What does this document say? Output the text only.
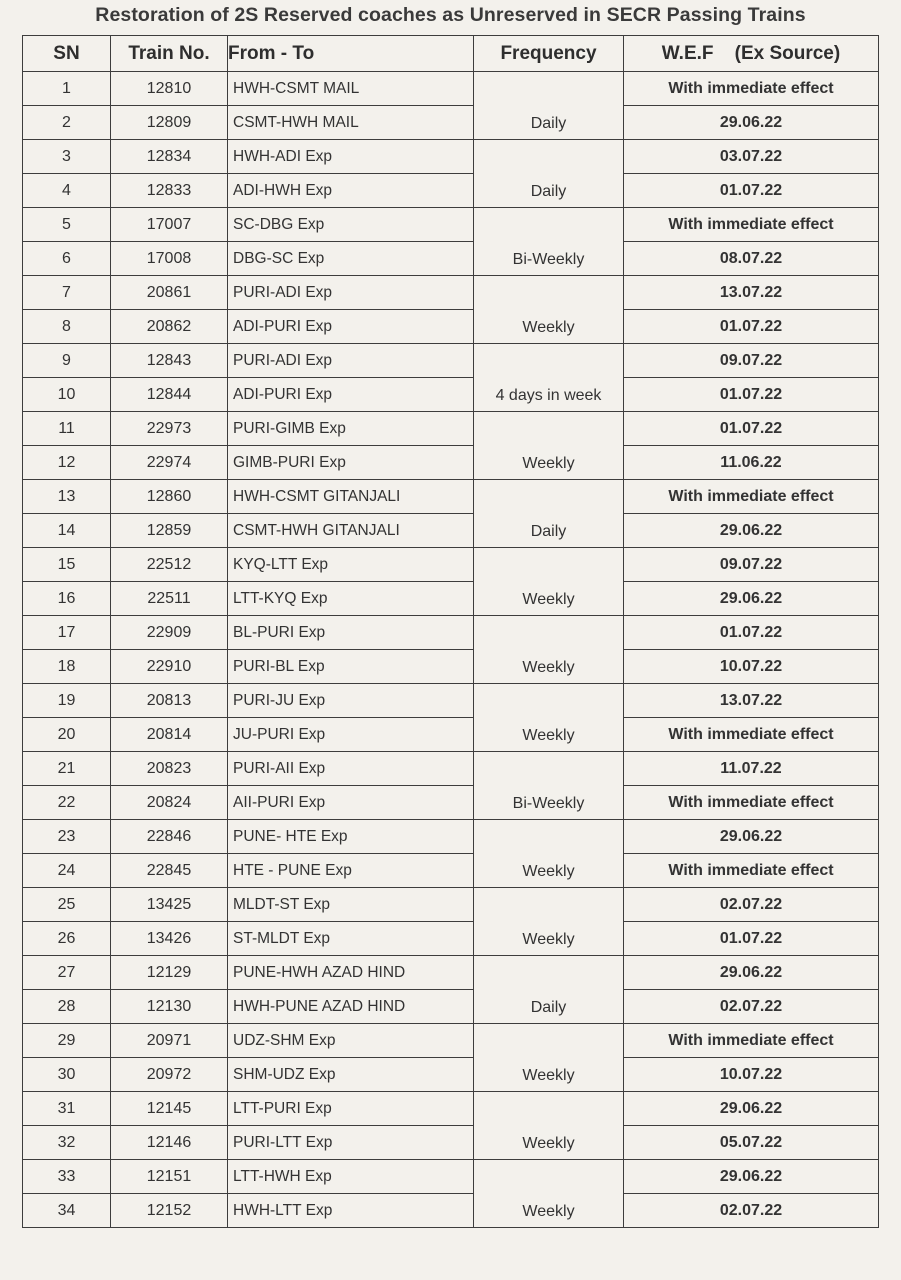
Restoration of 2S Reserved coaches as Unreserved in SECR Passing Trains
SN	Train No.	From - To	Frequency	W.E.F    (Ex Source)
1	12810	HWH-CSMT MAIL	Daily	With immediate effect
2	12809	CSMT-HWH MAIL		29.06.22
3	12834	HWH-ADI Exp	Daily	03.07.22
4	12833	ADI-HWH Exp		01.07.22
5	17007	SC-DBG Exp	Bi-Weekly	With immediate effect
6	17008	DBG-SC Exp		08.07.22
7	20861	PURI-ADI Exp	Weekly	13.07.22
8	20862	ADI-PURI Exp		01.07.22
9	12843	PURI-ADI Exp	4 days in week	09.07.22
10	12844	ADI-PURI Exp		01.07.22
11	22973	PURI-GIMB Exp	Weekly	01.07.22
12	22974	GIMB-PURI Exp		11.06.22
13	12860	HWH-CSMT GITANJALI	Daily	With immediate effect
14	12859	CSMT-HWH GITANJALI		29.06.22
15	22512	KYQ-LTT Exp	Weekly	09.07.22
16	22511	LTT-KYQ Exp		29.06.22
17	22909	BL-PURI Exp	Weekly	01.07.22
18	22910	PURI-BL Exp		10.07.22
19	20813	PURI-JU Exp	Weekly	13.07.22
20	20814	JU-PURI Exp		With immediate effect
21	20823	PURI-AII Exp	Bi-Weekly	11.07.22
22	20824	AII-PURI Exp		With immediate effect
23	22846	PUNE- HTE Exp	Weekly	29.06.22
24	22845	HTE - PUNE Exp		With immediate effect
25	13425	MLDT-ST Exp	Weekly	02.07.22
26	13426	ST-MLDT Exp		01.07.22
27	12129	PUNE-HWH AZAD HIND	Daily	29.06.22
28	12130	HWH-PUNE AZAD HIND		02.07.22
29	20971	UDZ-SHM Exp	Weekly	With immediate effect
30	20972	SHM-UDZ Exp		10.07.22
31	12145	LTT-PURI Exp	Weekly	29.06.22
32	12146	PURI-LTT Exp		05.07.22
33	12151	LTT-HWH Exp	Weekly	29.06.22
34	12152	HWH-LTT Exp		02.07.22
